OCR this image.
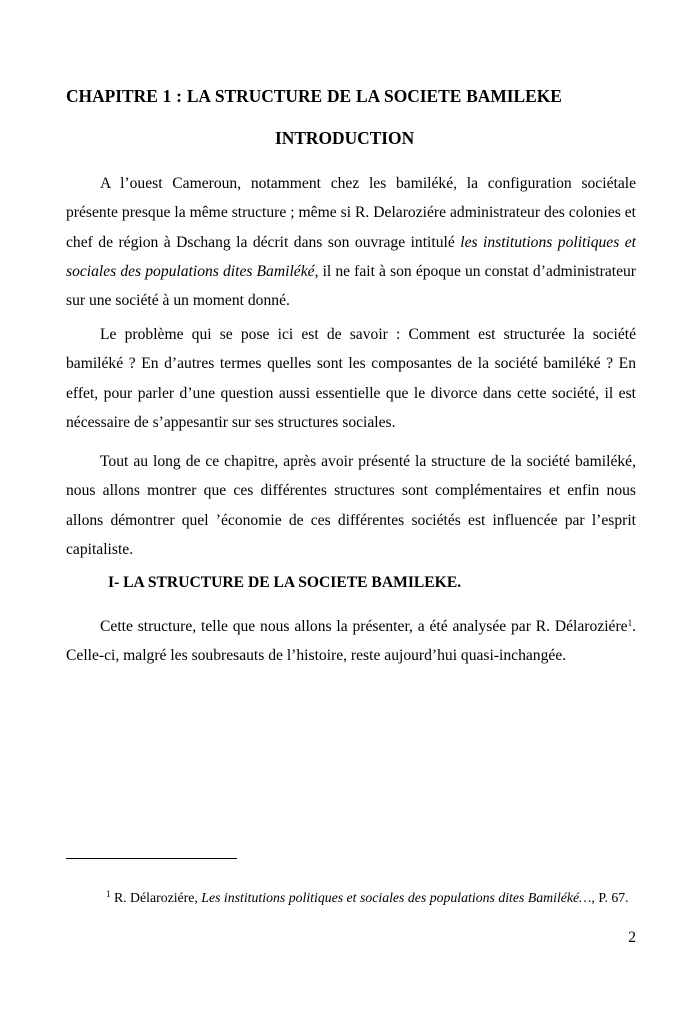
CHAPITRE 1 : LA STRUCTURE DE LA SOCIETE BAMILEKE
INTRODUCTION

A l’ouest Cameroun, notamment chez les bamiléké, la configuration sociétale présente presque la même structure ; même si R. Delaroziére administrateur des colonies et chef de région à Dschang la décrit dans son ouvrage intitulé les institutions politiques et sociales des populations dites Bamiléké, il ne fait à son époque un constat d’administrateur sur une société à un moment donné.

Le problème qui se pose ici est de savoir : Comment est structurée la société bamiléké ? En d’autres termes quelles sont les composantes de la société bamiléké ? En effet, pour parler d’une question aussi essentielle que le divorce dans cette société, il est nécessaire de s’appesantir sur ses structures sociales.

Tout au long de ce chapitre, après avoir présenté la structure de la société bamiléké, nous allons montrer que ces différentes structures sont complémentaires et enfin nous allons démontrer quel ’économie de ces différentes sociétés est influencée par l’esprit capitaliste.

I- LA STRUCTURE DE LA SOCIETE BAMILEKE.

Cette structure, telle que nous allons la présenter, a été analysée par R. Délaroziére$^1$. Celle-ci, malgré les soubresauts de l’histoire, reste aujourd’hui quasi-inchangée.

$^1$ R. Délaroziére, Les institutions politiques et sociales des populations dites Bamiléké…, P. 67.

2
